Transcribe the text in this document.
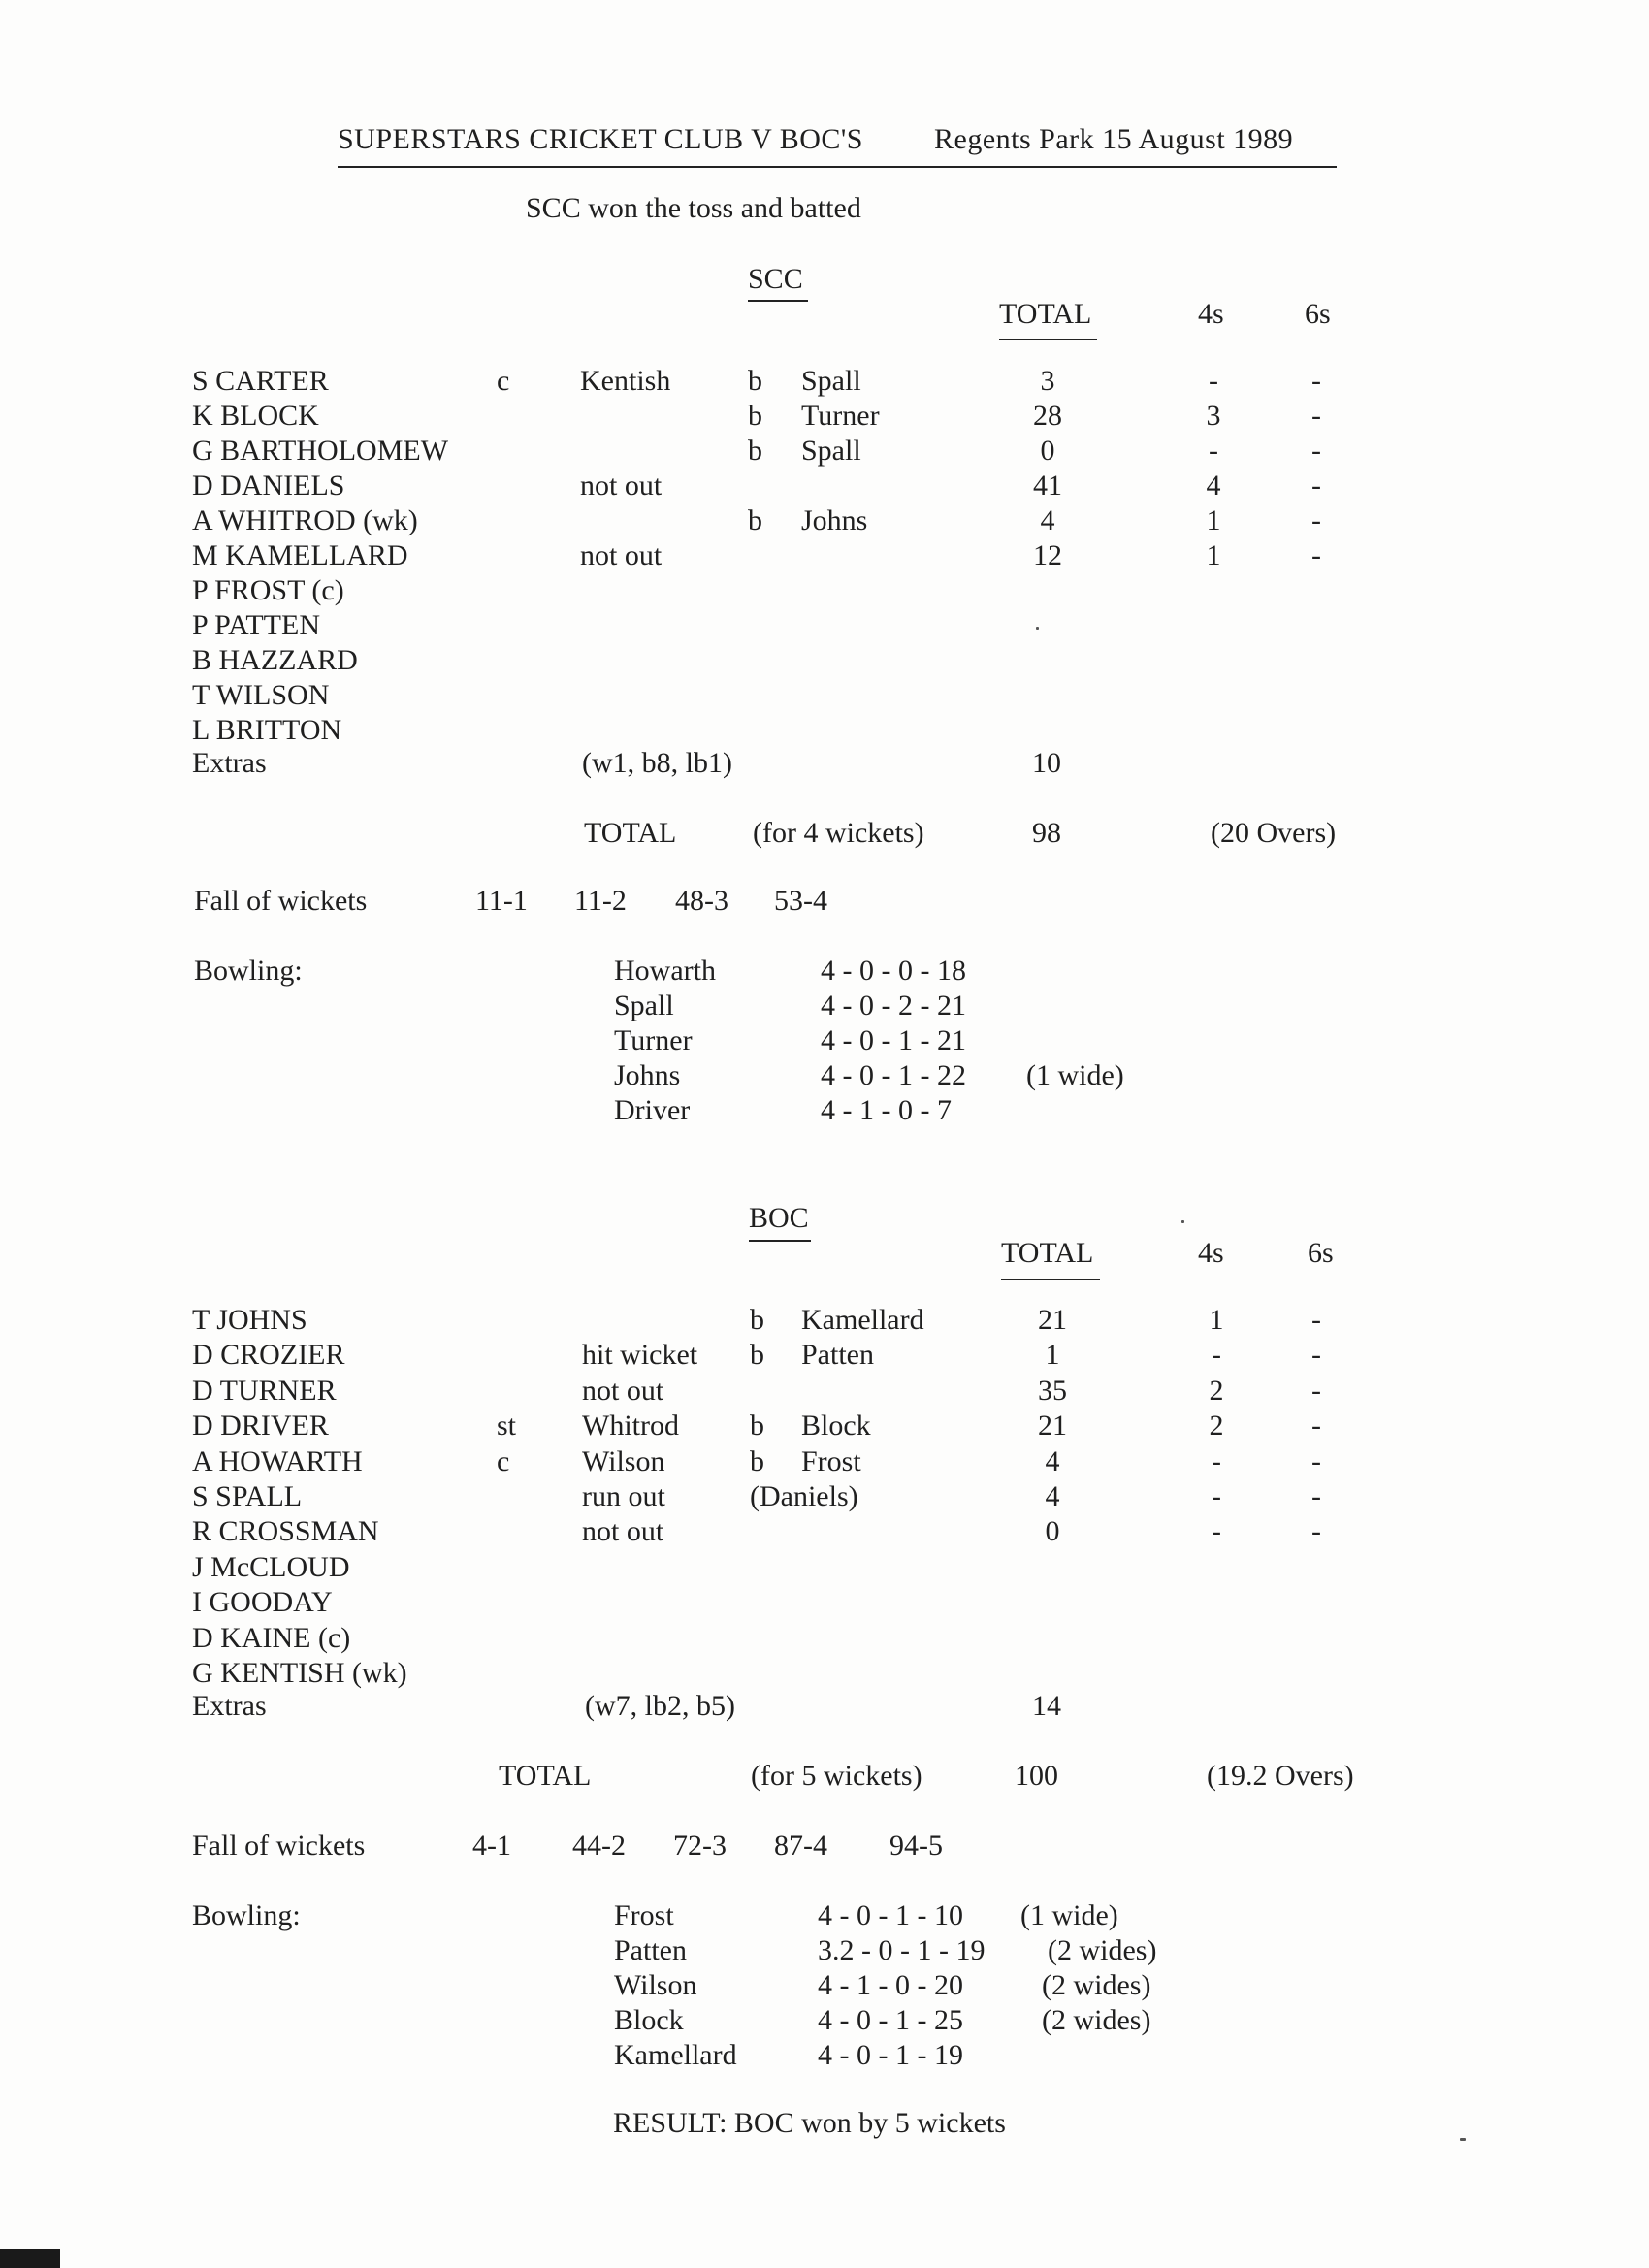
SUPERSTARS CRICKET CLUB V BOC'S Regents Park 15 August 1989
SCC won the toss and batted
SCC
TOTAL	4s	6s
S CARTER	c Kentish	b Spall	3	-	-
K BLOCK	b Turner	28	3	-
G BARTHOLOMEW	b Spall	0	-	-
D DANIELS	not out	41	4	-
A WHITROD (wk)	b Johns	4	1	-
M KAMELLARD	not out	12	1	-
P FROST (c)
P PATTEN
B HAZZARD
T WILSON
L BRITTON
Extras	(w1, b8, lb1)	10
TOTAL	(for 4 wickets)	98	(20 Overs)
Fall of wickets	11-1 11-2 48-3 53-4
Bowling:	Howarth	4 - 0 - 0 - 18
Spall	4 - 0 - 2 - 21
Turner	4 - 0 - 1 - 21
Johns	4 - 0 - 1 - 22 (1 wide)
Driver	4 - 1 - 0 - 7
BOC
TOTAL	4s	6s
T JOHNS	b Kamellard	21	1	-
D CROZIER	hit wicket b Patten	1	-	-
D TURNER	not out	35	2	-
D DRIVER	st Whitrod b Block	21	2	-
A HOWARTH	c Wilson	b Frost	4	-	-
S SPALL	run out	(Daniels)	4	-	-
R CROSSMAN	not out	0	-	-
J McCLOUD
I GOODAY
D KAINE (c)
G KENTISH (wk)
Extras	(w7, lb2, b5)	14
TOTAL	(for 5 wickets)	100	(19.2 Overs)
Fall of wickets	4-1 44-2 72-3 87-4 94-5
Bowling:	Frost	4 - 0 - 1 - 10 (1 wide)
Patten	3.2 - 0 - 1 - 19 (2 wides)
Wilson	4 - 1 - 0 - 20	(2 wides)
Block	4 - 0 - 1 - 25	(2 wides)
Kamellard	4 - 0 - 1 - 19
RESULT: BOC won by 5 wickets
